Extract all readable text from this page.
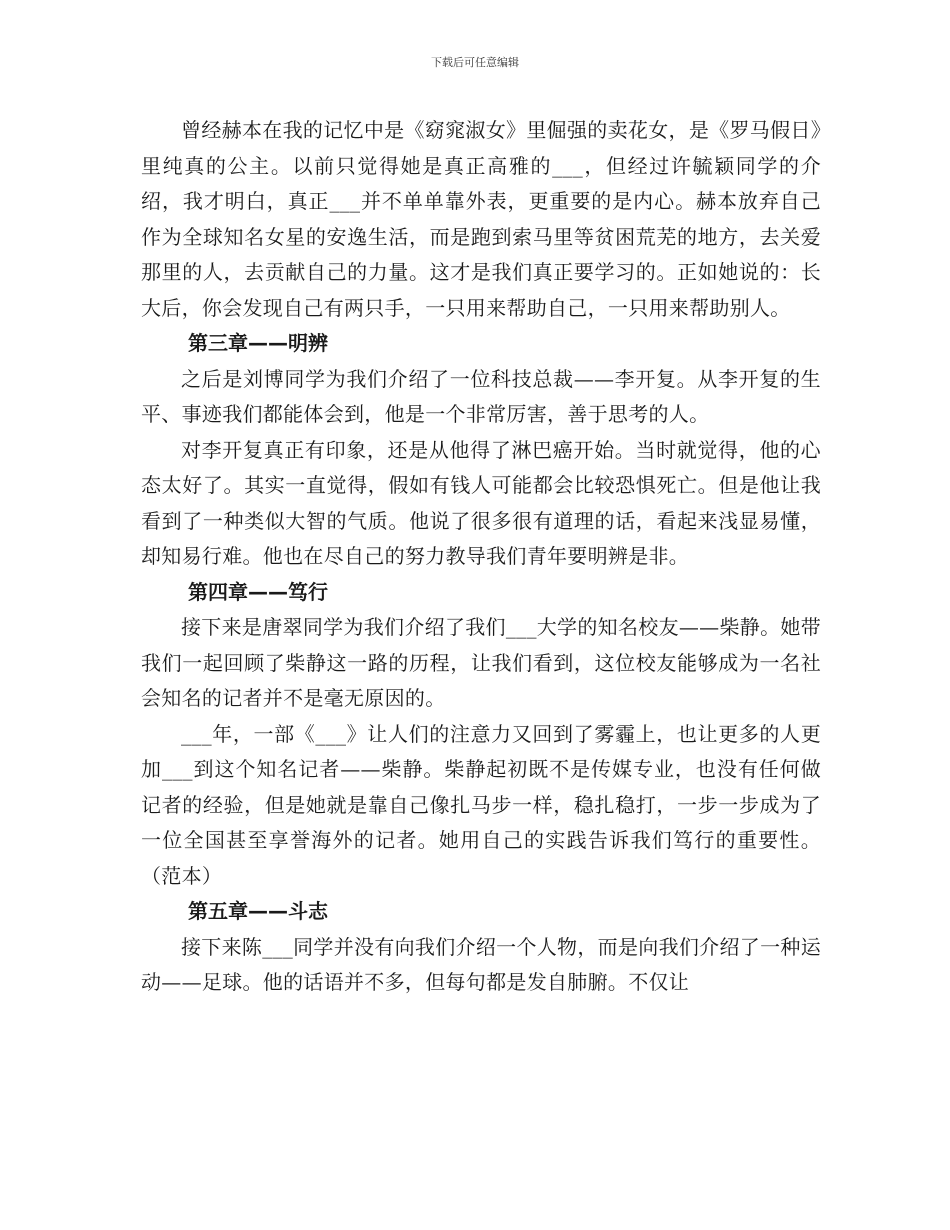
下载后可任意编辑

曾经赫本在我的记忆中是《窈窕淑女》里倔强的卖花女，是《罗马假日》里纯真的公主。以前只觉得她是真正高雅的___，但经过许毓颖同学的介绍，我才明白，真正___并不单单靠外表，更重要的是内心。赫本放弃自己作为全球知名女星的安逸生活，而是跑到索马里等贫困荒芜的地方，去关爱那里的人，去贡献自己的力量。这才是我们真正要学习的。正如她说的：长大后，你会发现自己有两只手，一只用来帮助自己，一只用来帮助别人。

第三章——明辨

之后是刘博同学为我们介绍了一位科技总裁——李开复。从李开复的生平、事迹我们都能体会到，他是一个非常厉害，善于思考的人。

对李开复真正有印象，还是从他得了淋巴癌开始。当时就觉得，他的心态太好了。其实一直觉得，假如有钱人可能都会比较恐惧死亡。但是他让我看到了一种类似大智的气质。他说了很多很有道理的话，看起来浅显易懂，却知易行难。他也在尽自己的努力教导我们青年要明辨是非。

第四章——笃行

接下来是唐翠同学为我们介绍了我们___大学的知名校友——柴静。她带我们一起回顾了柴静这一路的历程，让我们看到，这位校友能够成为一名社会知名的记者并不是毫无原因的。

___年，一部《___》让人们的注意力又回到了雾霾上，也让更多的人更加___到这个知名记者——柴静。柴静起初既不是传媒专业，也没有任何做记者的经验，但是她就是靠自己像扎马步一样，稳扎稳打，一步一步成为了一位全国甚至享誉海外的记者。她用自己的实践告诉我们笃行的重要性。（范本）

第五章——斗志

接下来陈___同学并没有向我们介绍一个人物，而是向我们介绍了一种运动——足球。他的话语并不多，但每句都是发自肺腑。不仅让
